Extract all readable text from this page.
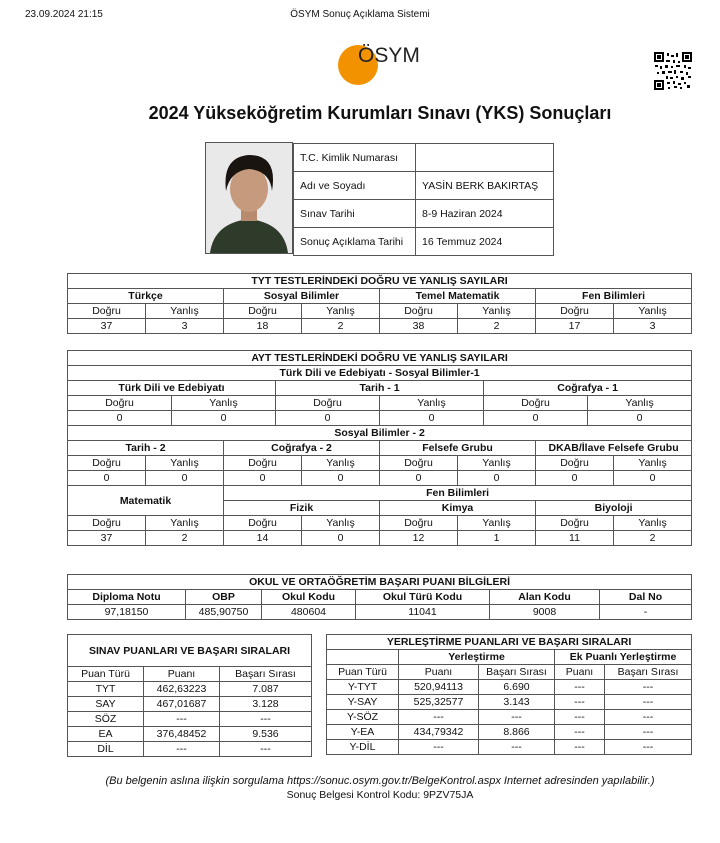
23.09.2024 21:15	ÖSYM Sonuç Açıklama Sistemi
ÖSYM
2024 Yükseköğretim Kurumları Sınavı (YKS) Sonuçları
T.C. Kimlik Numarası	
Adı ve Soyadı	YASİN BERK BAKIRTAŞ
Sınav Tarihi	8-9 Haziran 2024
Sonuç Açıklama Tarihi	16 Temmuz 2024
TYT TESTLERİNDEKİ DOĞRU VE YANLIŞ SAYILARI							
Türkçe		Sosyal Bilimler		Temel Matematik		Fen Bilimleri	
Doğru	Yanlış	Doğru	Yanlış	Doğru	Yanlış	Doğru	Yanlış
37	3	18	2	38	2	17	3
AYT TESTLERİNDEKİ DOĞRU VE YANLIŞ SAYILARI											
Türk Dili ve Edebiyatı - Sosyal Bilimler-1											
Türk Dili ve Edebiyatı				Tarih - 1				Coğrafya - 1			
Doğru		Yanlış		Doğru		Yanlış		Doğru		Yanlış	
0		0		0		0		0		0	
Sosyal Bilimler - 2											
Tarih - 2			Coğrafya - 2			Felsefe Grubu			DKAB/İlave Felsefe Grubu		
Doğru	Yanlış		Doğru		Yanlış	Doğru	Yanlış		Doğru		Yanlış
0	0		0		0	0	0		0		0
Matematik			Fen Bilimleri								
			Fizik			Kimya			Biyoloji		
Doğru	Yanlış		Doğru		Yanlış	Doğru	Yanlış		Doğru		Yanlış
37	2		14		0	12	1		11		2
OKUL VE ORTAÖĞRETİM BAŞARI PUANI BİLGİLERİ					
Diploma Notu	OBP	Okul Kodu	Okul Türü Kodu	Alan Kodu	Dal No
97,18150	485,90750	480604	11041	9008	-
SINAV PUANLARI VE BAŞARI SIRALARI		
Puan Türü	Puanı	Başarı Sırası
TYT	462,63223	7.087
SAY	467,01687	3.128
SÖZ	---	---
EA	376,48452	9.536
DİL	---	---
YERLEŞTİRME PUANLARI VE BAŞARI SIRALARI				
	Yerleştirme		Ek Puanlı Yerleştirme	
Puan Türü	Puanı	Başarı Sırası	Puanı	Başarı Sırası
Y-TYT	520,94113	6.690	---	---
Y-SAY	525,32577	3.143	---	---
Y-SÖZ	---	---	---	---
Y-EA	434,79342	8.866	---	---
Y-DİL	---	---	---	---
(Bu belgenin aslına ilişkin sorgulama https://sonuc.osym.gov.tr/BelgeKontrol.aspx Internet adresinden yapılabilir.)
Sonuç Belgesi Kontrol Kodu: 9PZV75JA
